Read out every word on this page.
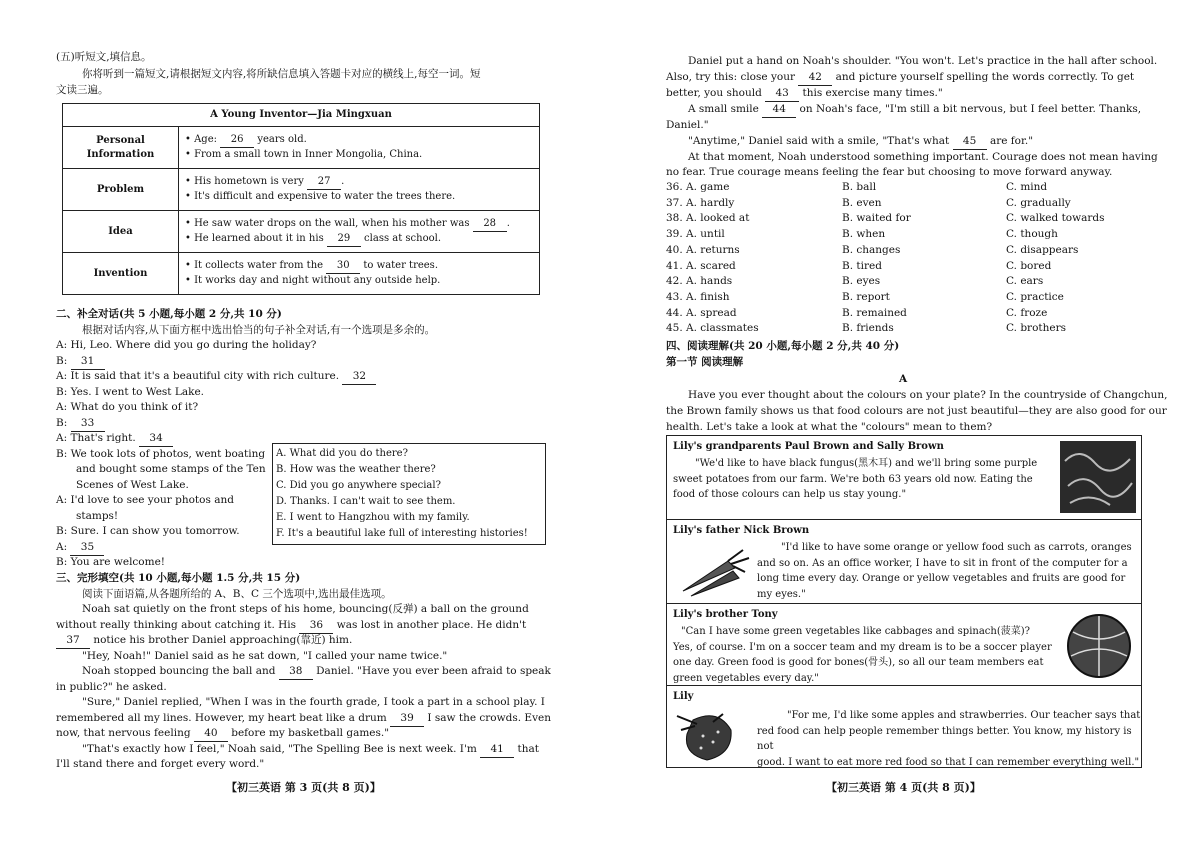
(五)听短文,填信息。
你将听到一篇短文,请根据短文内容,将所缺信息填入答题卡对应的横线上,每空一词。短
文读三遍。
A Young Inventor—Jia Mingxuan	
Personal Information	• Age: 26 years old.
• From a small town in Inner Mongolia, China.

Problem	• His hometown is very 27 .
• It's difficult and expensive to water the trees there.

Idea	• He saw water drops on the wall, when his mother was 28 .
• He learned about it in his 29 class at school.

Invention	• It collects water from the 30 to water trees.
• It works day and night without any outside help.
二、补全对话(共 5 小题,每小题 2 分,共 10 分)
根据对话内容,从下面方框中选出恰当的句子补全对话,有一个选项是多余的。
A: Hi, Leo. Where did you go during the holiday?
B: 31
A: It is said that it's a beautiful city with rich culture. 32
B: Yes. I went to West Lake.
A: What do you think of it?
B: 33
A: That's right. 34
B: We took lots of photos, went boating
and bought some stamps of the Ten
Scenes of West Lake.
A: I'd love to see your photos and
stamps!
B: Sure. I can show you tomorrow.
A: 35
B: You are welcome!
A. What did you do there?
B. How was the weather there?
C. Did you go anywhere special?
D. Thanks. I can't wait to see them.
E. I went to Hangzhou with my family.
F. It's a beautiful lake full of interesting histories!
三、完形填空(共 10 小题,每小题 1.5 分,共 15 分)
阅读下面语篇,从各题所给的 A、B、C 三个选项中,选出最佳选项。
Noah sat quietly on the front steps of his home, bouncing(反弹) a ball on the ground
without really thinking about catching it. His 36 was lost in another place. He didn't
37 notice his brother Daniel approaching(靠近) him.
"Hey, Noah!" Daniel said as he sat down, "I called your name twice."
Noah stopped bouncing the ball and 38 Daniel. "Have you ever been afraid to speak
in public?" he asked.
"Sure," Daniel replied, "When I was in the fourth grade, I took a part in a school play. I
remembered all my lines. However, my heart beat like a drum 39 I saw the crowds. Even
now, that nervous feeling 40 before my basketball games."
"That's exactly how I feel," Noah said, "The Spelling Bee is next week. I'm 41 that
I'll stand there and forget every word."
【初三英语 第 3 页(共 8 页)】
Daniel put a hand on Noah's shoulder. "You won't. Let's practice in the hall after school.
Also, try this: close your 42 and picture yourself spelling the words correctly. To get
better, you should 43 this exercise many times."
A small smile 44 on Noah's face, "I'm still a bit nervous, but I feel better. Thanks,
Daniel."
"Anytime," Daniel said with a smile, "That's what 45 are for."
At that moment, Noah understood something important. Courage does not mean having
no fear. True courage means feeling the fear but choosing to move forward anyway.
36. A. game	B. ball	C. mind
37. A. hardly	B. even	C. gradually
38. A. looked at	B. waited for	C. walked towards
39. A. until	B. when	C. though
40. A. returns	B. changes	C. disappears
41. A. scared	B. tired	C. bored
42. A. hands	B. eyes	C. ears
43. A. finish	B. report	C. practice
44. A. spread	B. remained	C. froze
45. A. classmates	B. friends	C. brothers
四、阅读理解(共 20 小题,每小题 2 分,共 40 分)
第一节 阅读理解
A
Have you ever thought about the colours on your plate? In the countryside of Changchun,
the Brown family shows us that food colours are not just beautiful—they are also good for our
health. Let's take a look at what the "colours" mean to them?
Lily's grandparents Paul Brown and Sally Brown
"We'd like to have black fungus(黑木耳) and we'll bring some purple
sweet potatoes from our farm. We're both 63 years old now. Eating the
food of those colours can help us stay young."
Lily's father Nick Brown
"I'd like to have some orange or yellow food such as carrots, oranges
and so on. As an office worker, I have to sit in front of the computer for a
long time every day. Orange or yellow vegetables and fruits are good for
my eyes."
Lily's brother Tony
"Can I have some green vegetables like cabbages and spinach(菠菜)?
Yes, of course. I'm on a soccer team and my dream is to be a soccer player
one day. Green food is good for bones(骨头), so all our team members eat
green vegetables every day."
Lily
"For me, I'd like some apples and strawberries. Our teacher says that
red food can help people remember things better. You know, my history is not
good. I want to eat more red food so that I can remember everything well."
【初三英语 第 4 页(共 8 页)】
